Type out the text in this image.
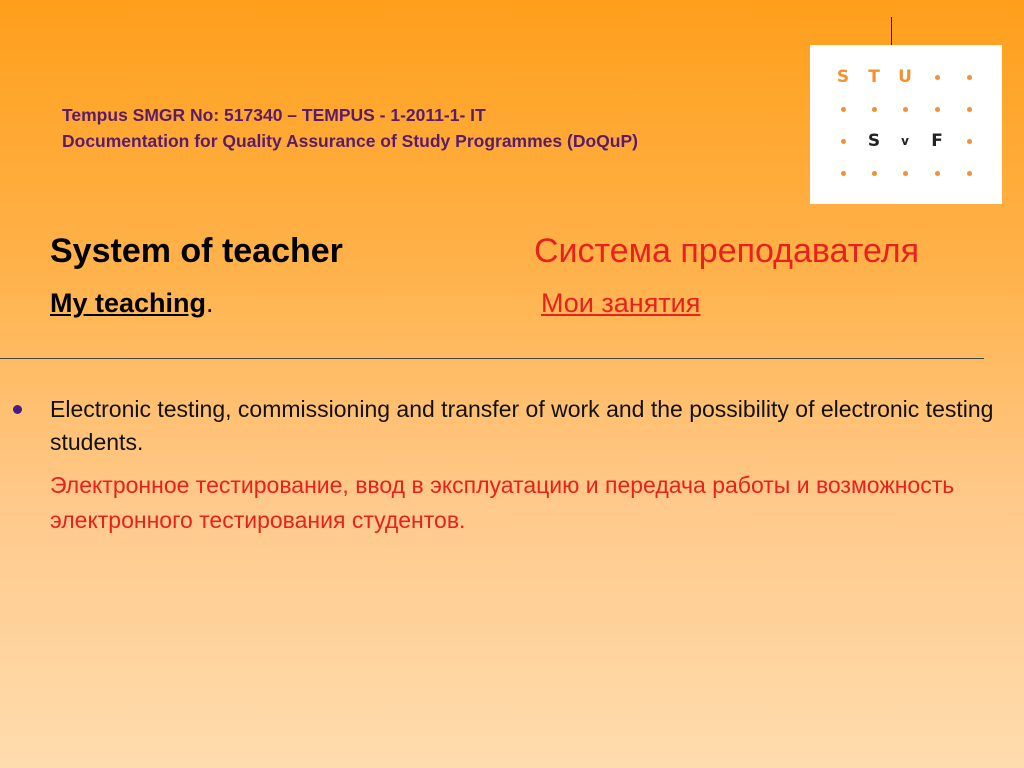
Tempus SMGR No: 517340 – TEMPUS - 1-2011-1- IT
Documentation for Quality Assurance of Study Programmes (DoQuP)
S T U
S v F
System of teacher	Система преподавателя
My teaching.	Мои занятия
Electronic testing, commissioning and transfer of work and the possibility of electronic testing students.
Электронное тестирование, ввод в эксплуатацию и передача работы и возможность электронного тестирования студентов.
